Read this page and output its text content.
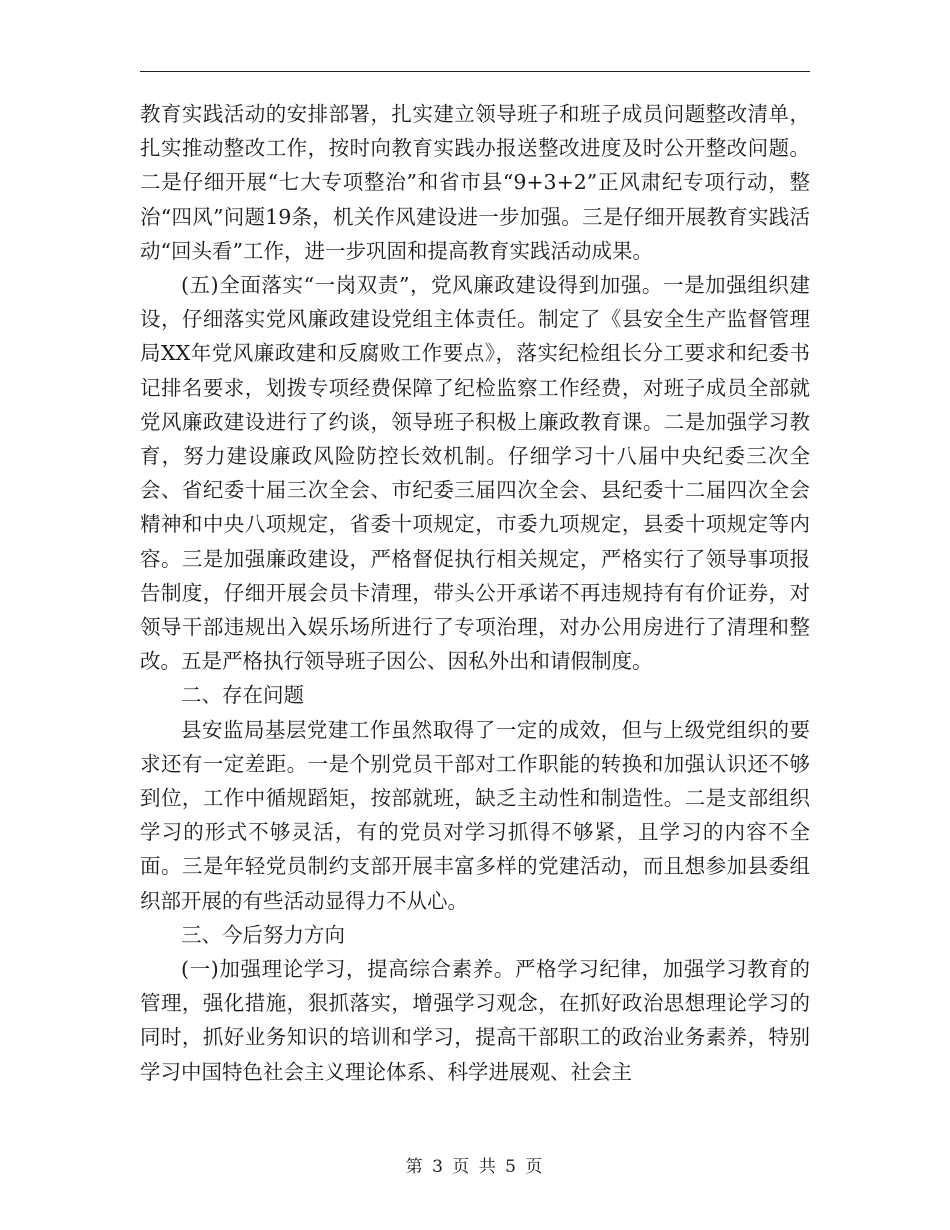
教育实践活动的安排部署，扎实建立领导班子和班子成员问题整改清单，扎实推动整改工作，按时向教育实践办报送整改进度及时公开整改问题。二是仔细开展“七大专项整治”和省市县“9+3+2”正风肃纪专项行动，整治“四风”问题19条，机关作风建设进一步加强。三是仔细开展教育实践活动“回头看”工作，进一步巩固和提高教育实践活动成果。

(五)全面落实“一岗双责”，党风廉政建设得到加强。一是加强组织建设，仔细落实党风廉政建设党组主体责任。制定了《县安全生产监督管理局XX年党风廉政建和反腐败工作要点》，落实纪检组长分工要求和纪委书记排名要求，划拨专项经费保障了纪检监察工作经费，对班子成员全部就党风廉政建设进行了约谈，领导班子积极上廉政教育课。二是加强学习教育，努力建设廉政风险防控长效机制。仔细学习十八届中央纪委三次全会、省纪委十届三次全会、市纪委三届四次全会、县纪委十二届四次全会精神和中央八项规定，省委十项规定，市委九项规定，县委十项规定等内容。三是加强廉政建设，严格督促执行相关规定，严格实行了领导事项报告制度，仔细开展会员卡清理，带头公开承诺不再违规持有有价证券，对领导干部违规出入娱乐场所进行了专项治理，对办公用房进行了清理和整改。五是严格执行领导班子因公、因私外出和请假制度。

二、存在问题

县安监局基层党建工作虽然取得了一定的成效，但与上级党组织的要求还有一定差距。一是个别党员干部对工作职能的转换和加强认识还不够到位，工作中循规蹈矩，按部就班，缺乏主动性和制造性。二是支部组织学习的形式不够灵活，有的党员对学习抓得不够紧，且学习的内容不全面。三是年轻党员制约支部开展丰富多样的党建活动，而且想参加县委组织部开展的有些活动显得力不从心。

三、今后努力方向

(一)加强理论学习，提高综合素养。严格学习纪律，加强学习教育的管理，强化措施，狠抓落实，增强学习观念，在抓好政治思想理论学习的同时，抓好业务知识的培训和学习，提高干部职工的政治业务素养，特别学习中国特色社会主义理论体系、科学进展观、社会主

第 3 页 共 5 页
